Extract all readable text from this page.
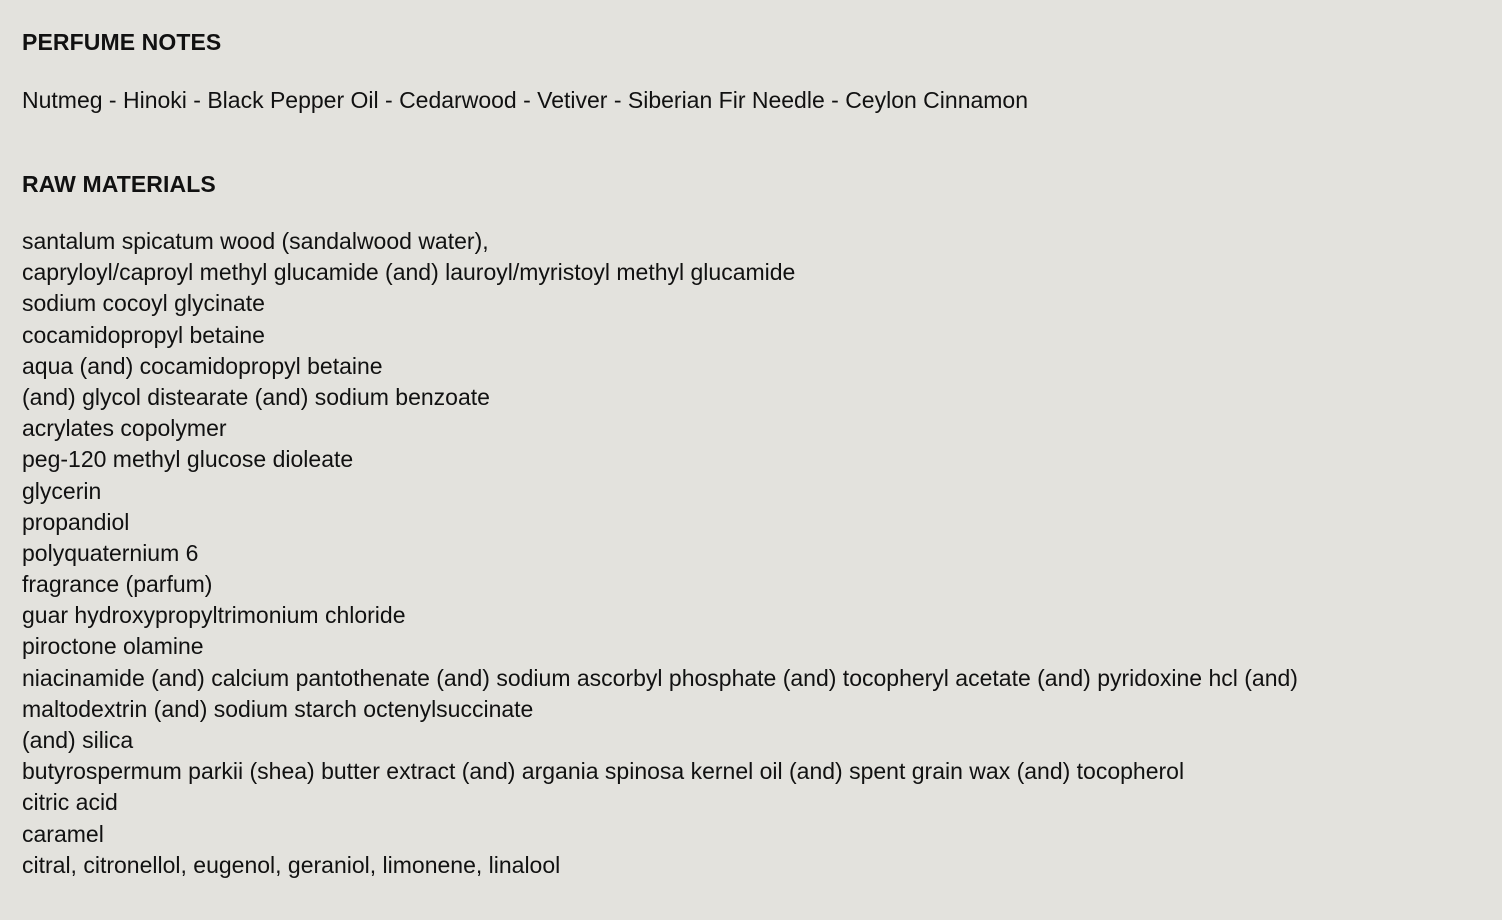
PERFUME NOTES
Nutmeg - Hinoki - Black Pepper Oil - Cedarwood - Vetiver - Siberian Fir Needle - Ceylon Cinnamon
RAW MATERIALS
santalum spicatum wood (sandalwood water),
capryloyl/caproyl methyl glucamide (and) lauroyl/myristoyl methyl glucamide
sodium cocoyl glycinate
cocamidopropyl betaine
aqua (and) cocamidopropyl betaine
(and) glycol distearate (and) sodium benzoate
acrylates copolymer
peg-120 methyl glucose dioleate
glycerin
propandiol
polyquaternium 6
fragrance (parfum)
guar hydroxypropyltrimonium chloride
piroctone olamine
niacinamide (and) calcium pantothenate (and) sodium ascorbyl phosphate (and) tocopheryl acetate (and) pyridoxine hcl (and)
maltodextrin (and) sodium starch octenylsuccinate
(and) silica
butyrospermum parkii (shea) butter extract (and) argania spinosa kernel oil (and) spent grain wax (and) tocopherol
citric acid
caramel
citral, citronellol, eugenol, geraniol, limonene, linalool
